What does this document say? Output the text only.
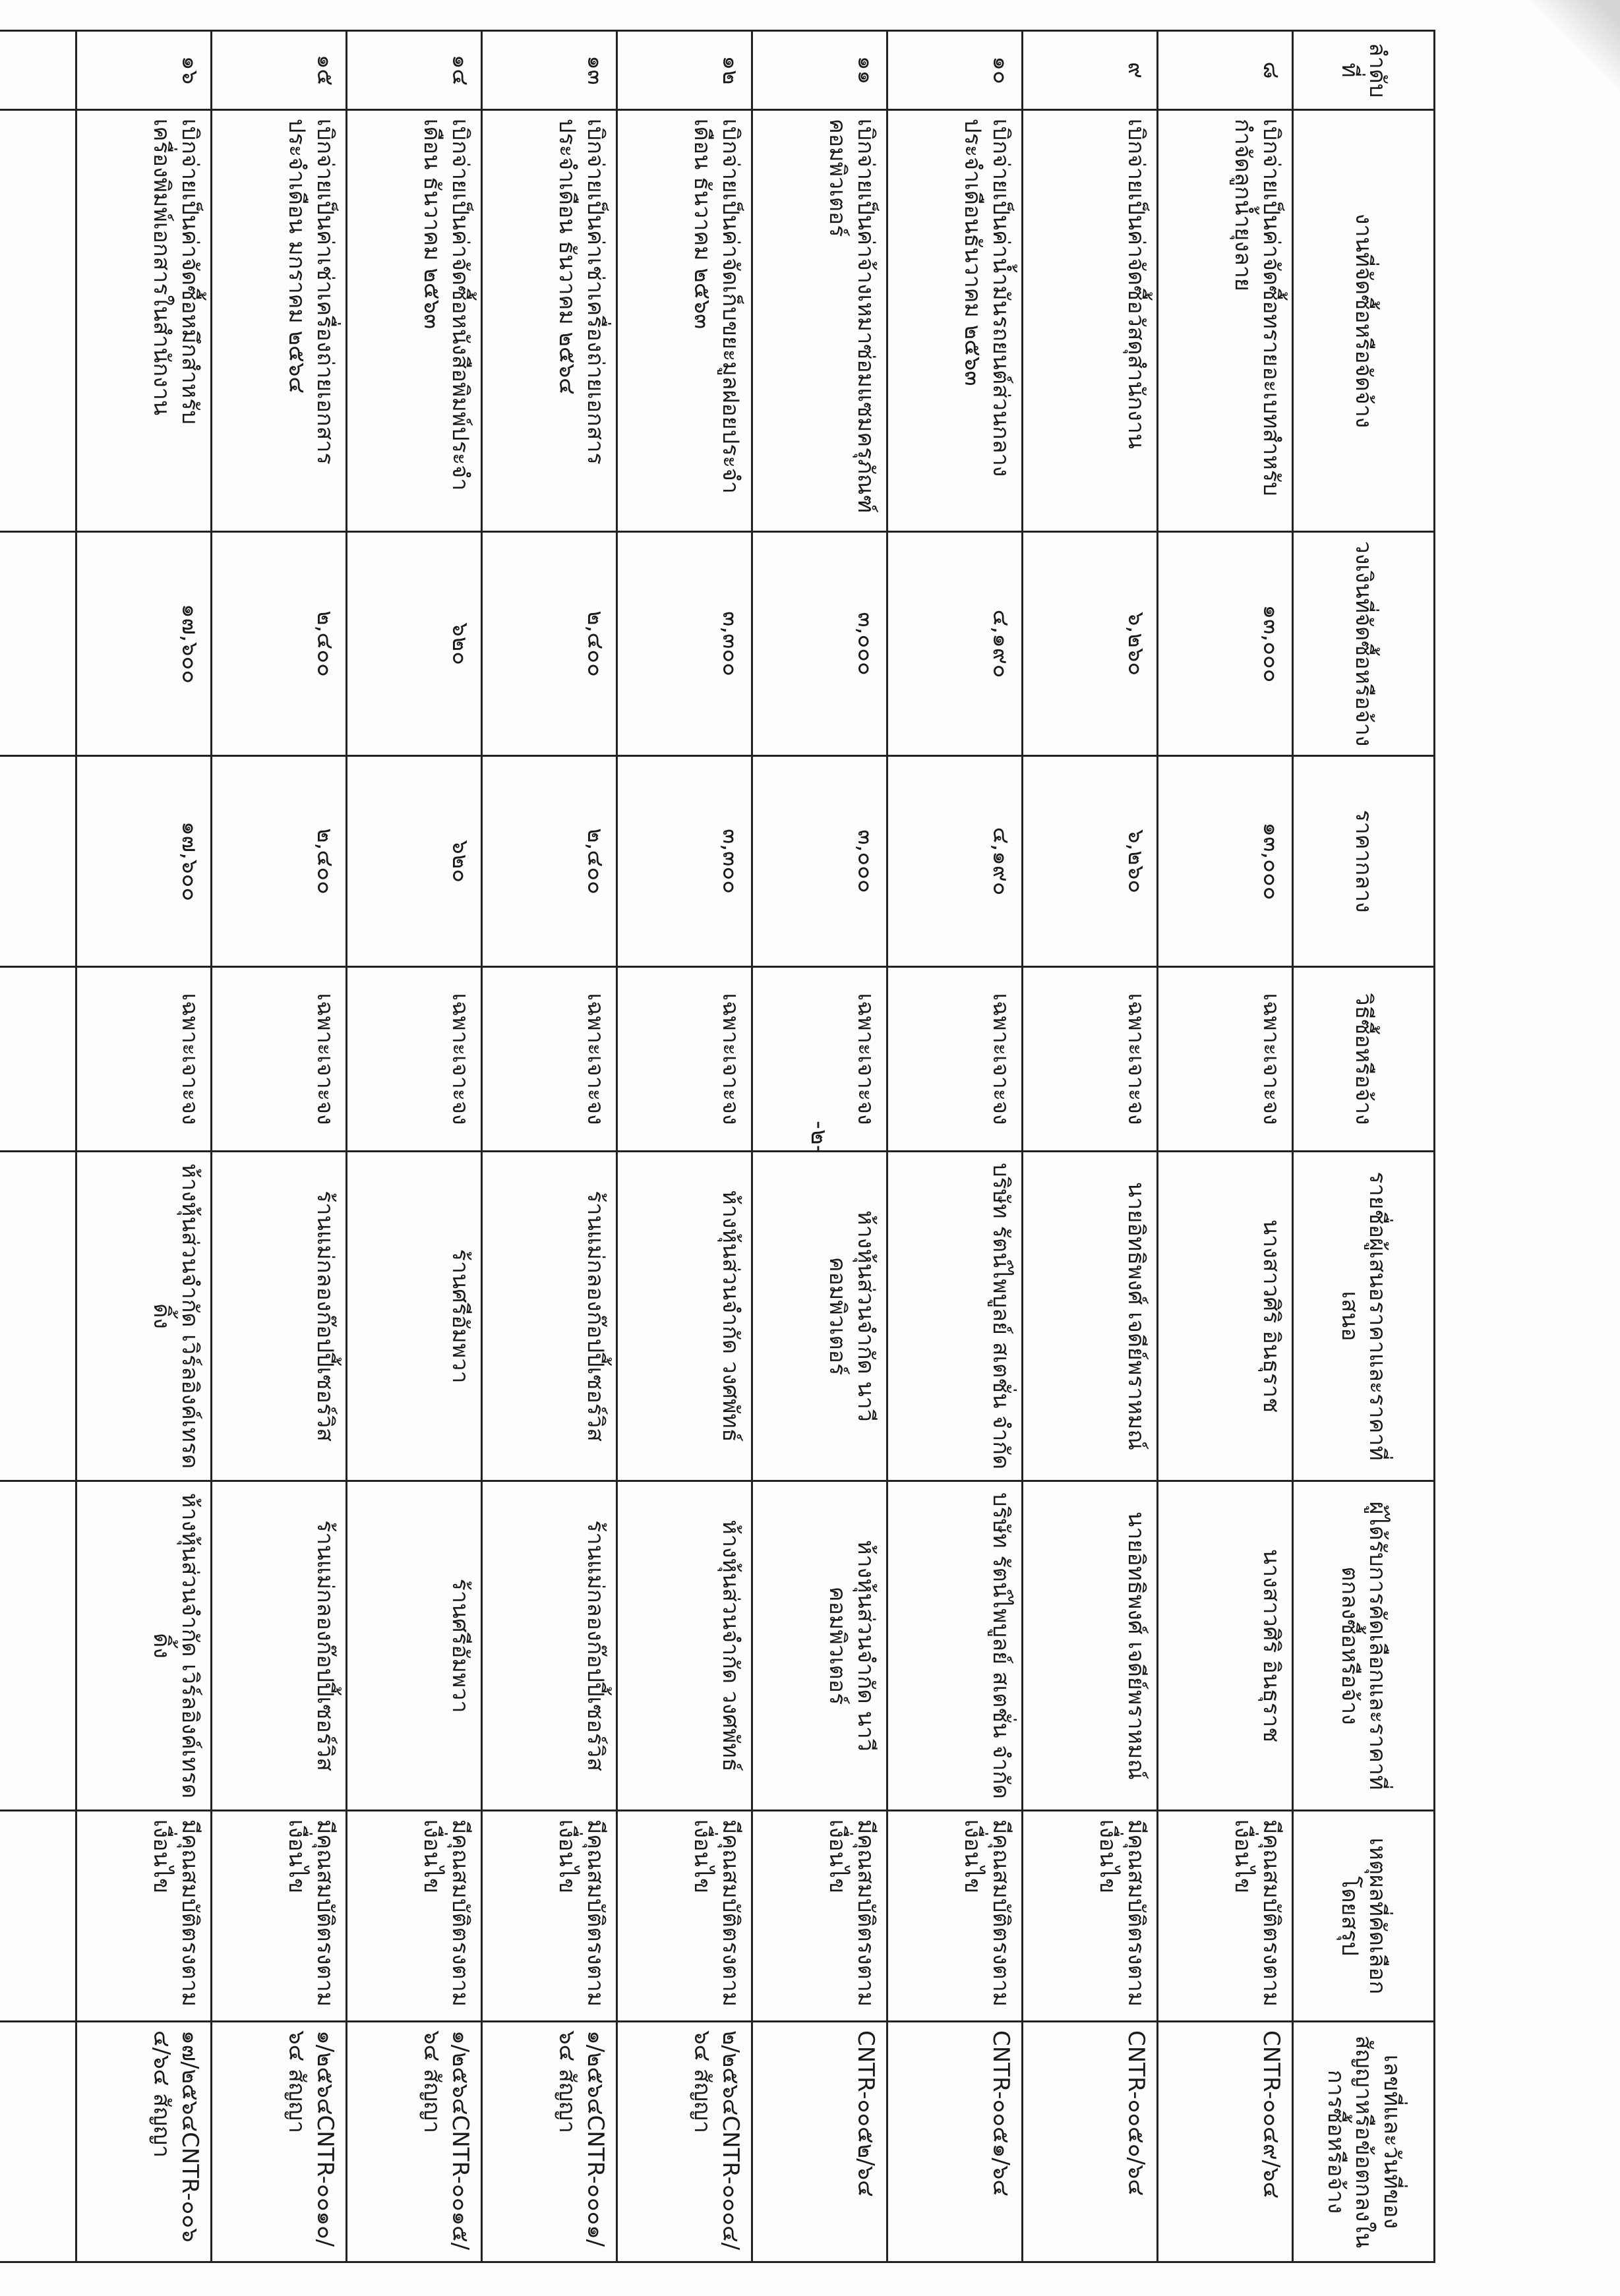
-๒-
ลำดับที่	งานที่จัดซื้อหรือจัดจ้าง	วงเงินที่จัดซื้อหรือจ้าง	ราคากลาง	วิธีซื้อหรือจ้าง	รายชื่อผู้เสนอราคาและราคาที่เสนอ	ผู้ได้รับการคัดเลือกและราคาที่ตกลงซื้อหรือจ้าง	เหตุผลที่คัดเลือกโดยสรุป	เลขที่และวันที่ของสัญญาหรือข้อตกลงในการซื้อหรือจ้าง
๘	เบิกจ่ายเป็นค่าจัดซื้อทรายอะเบทสำหรับกำจัดลูกน้ำยุงลาย	๑๓,๐๐๐	๑๓,๐๐๐	เฉพาะเจาะจง	นางสาวศิริ อินธุราช	นางสาวศิริ อินธุราช	มีคุณสมบัติตรงตามเงื่อนไข	CNTR-๐๐๔๙/๖๔
๙	เบิกจ่ายเป็นค่าจัดซื้อวัสดุสำนักงาน	๖,๒๖๐	๖,๒๖๐	เฉพาะเจาะจง	นายอิทธิพงศ์ เจดีย์พราหมณ์	นายอิทธิพงศ์ เจดีย์พราหมณ์	มีคุณสมบัติตรงตามเงื่อนไข	CNTR-๐๐๕๐/๖๔
๑๐	เบิกจ่ายเป็นค่าน้ำมันรถยนต์ส่วนกลาง ประจำเดือนธันวาคม ๒๕๖๓	๔,๑๙๐	๔,๑๙๐	เฉพาะเจาะจง	บริษัท รัตน์ไพบูลย์ สเตชั่น จำกัด	บริษัท รัตน์ไพบูลย์ สเตชั่น จำกัด	มีคุณสมบัติตรงตามเงื่อนไข	CNTR-๐๐๕๑/๖๔
๑๑	เบิกจ่ายเป็นค่าจ้างเหมาซ่อมแซมครุภัณฑ์คอมพิวเตอร์	๓,๐๐๐	๓,๐๐๐	เฉพาะเจาะจง	ห้างหุ้นส่วนจำกัด นาวี คอมพิวเตอร์	ห้างหุ้นส่วนจำกัด นาวี คอมพิวเตอร์	มีคุณสมบัติตรงตามเงื่อนไข	CNTR-๐๐๕๒/๖๔
๑๒	เบิกจ่ายเป็นค่าจัดเก็บขยะมูลฝอยประจำเดือน ธันวาคม ๒๕๖๓	๓,๓๐๐	๓,๓๐๐	เฉพาะเจาะจง	ห้างหุ้นส่วนจำกัด วงศพัทธ์	ห้างหุ้นส่วนจำกัด วงศพัทธ์	มีคุณสมบัติตรงตามเงื่อนไข	๒/๒๕๖๔CNTR-๐๐๐๔/๖๔ สัญญา
๑๓	เบิกจ่ายเป็นค่าเช่าเครื่องถ่ายเอกสาร ประจำเดือน ธันวาคม ๒๕๖๔	๒,๔๐๐	๒,๔๐๐	เฉพาะเจาะจง	ร้านแม่กลองก๊อปปี้เซอร์วิส	ร้านแม่กลองก๊อปปี้เซอร์วิส	มีคุณสมบัติตรงตามเงื่อนไข	๑/๒๕๖๔CNTR-๐๐๐๑/๖๔ สัญญา
๑๔	เบิกจ่ายเป็นค่าจัดซื้อหนังสือพิมพ์ประจำเดือน ธันวาคม ๒๕๖๓	๖๒๐	๖๒๐	เฉพาะเจาะจง	ร้านศรีอัมพวา	ร้านศรีอัมพวา	มีคุณสมบัติตรงตามเงื่อนไข	๑/๒๕๖๔CNTR-๐๐๑๕/๖๔ สัญญา
๑๕	เบิกจ่ายเป็นค่าเช่าเครื่องถ่ายเอกสาร ประจำเดือน มกราคม ๒๕๖๔	๒,๔๐๐	๒,๔๐๐	เฉพาะเจาะจง	ร้านแม่กลองก๊อปปี้เซอร์วิส	ร้านแม่กลองก๊อปปี้เซอร์วิส	มีคุณสมบัติตรงตามเงื่อนไข	๑/๒๕๖๔CNTR-๐๐๑๐/๖๔ สัญญา
๑๖	เบิกจ่ายเป็นค่าจัดซื้อหมึกสำหรับเครื่องพิมพ์เอกสารในสำนักงาน	๑๗,๖๐๐	๑๗,๖๐๐	เฉพาะเจาะจง	ห้างหุ้นส่วนจำกัด เวิร์ลอิงค์เทรดดิ้ง	ห้างหุ้นส่วนจำกัด เวิร์ลอิงค์เทรดดิ้ง	มีคุณสมบัติตรงตามเงื่อนไข	๑๗/๒๕๖๔CNTR-๐๐๖๔/๖๔ สัญญา
